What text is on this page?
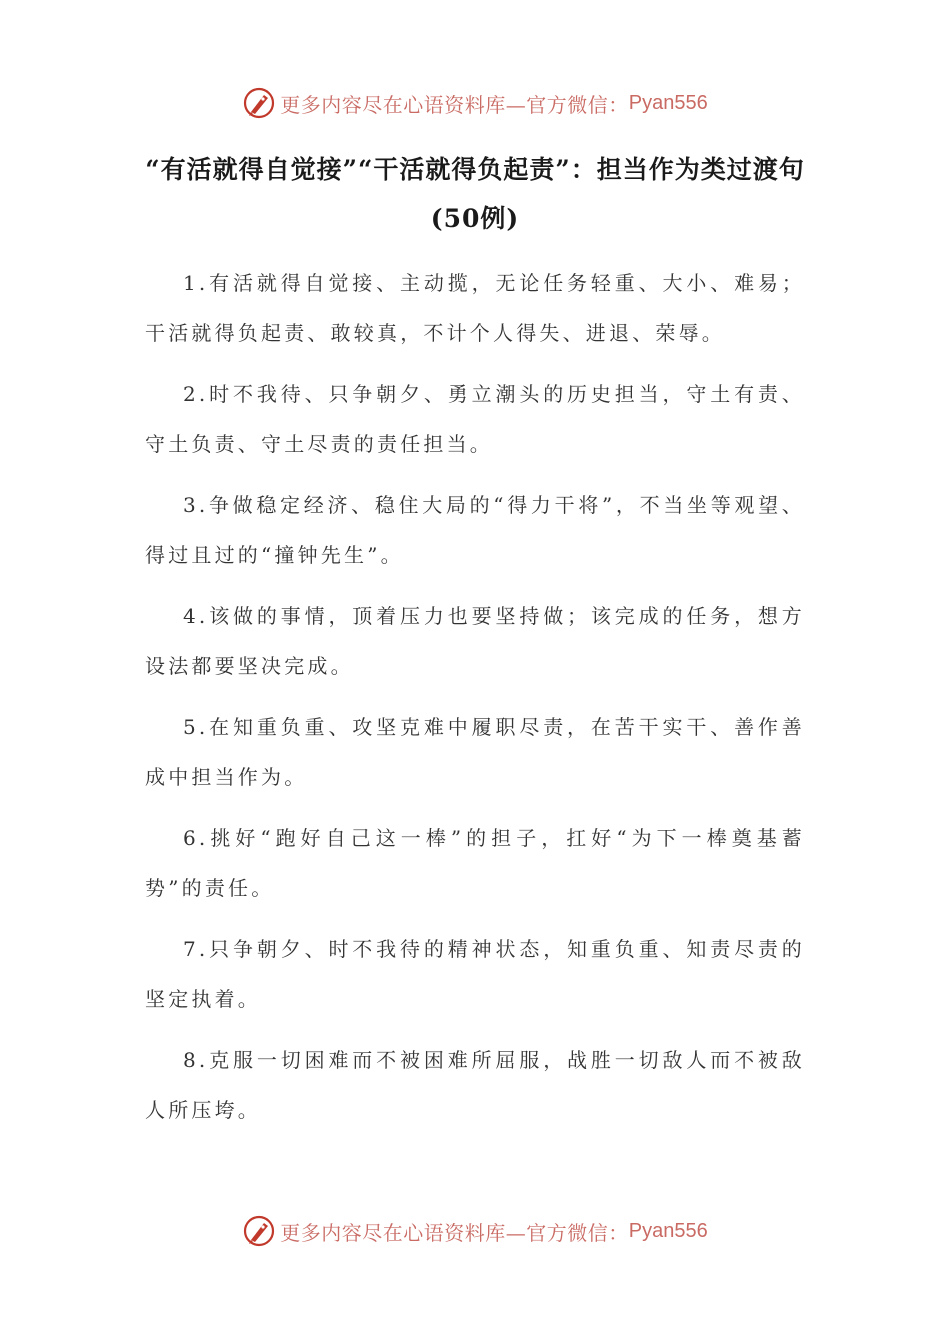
更多内容尽在心语资料库—官方微信： Pyan556
“有活就得自觉接”“干活就得负起责”：担当作为类过渡句(50例)

1.有活就得自觉接、主动揽，无论任务轻重、大小、难易；干活就得负起责、敢较真，不计个人得失、进退、荣辱。

2.时不我待、只争朝夕、勇立潮头的历史担当，守土有责、守土负责、守土尽责的责任担当。

3.争做稳定经济、稳住大局的“得力干将”，不当坐等观望、得过且过的“撞钟先生”。

4.该做的事情，顶着压力也要坚持做；该完成的任务，想方设法都要坚决完成。

5.在知重负重、攻坚克难中履职尽责，在苦干实干、善作善成中担当作为。

6.挑好“跑好自己这一棒”的担子，扛好“为下一棒奠基蓄势”的责任。

7.只争朝夕、时不我待的精神状态，知重负重、知责尽责的坚定执着。

8.克服一切困难而不被困难所屈服，战胜一切敌人而不被敌人所压垮。

更多内容尽在心语资料库—官方微信： Pyan556
